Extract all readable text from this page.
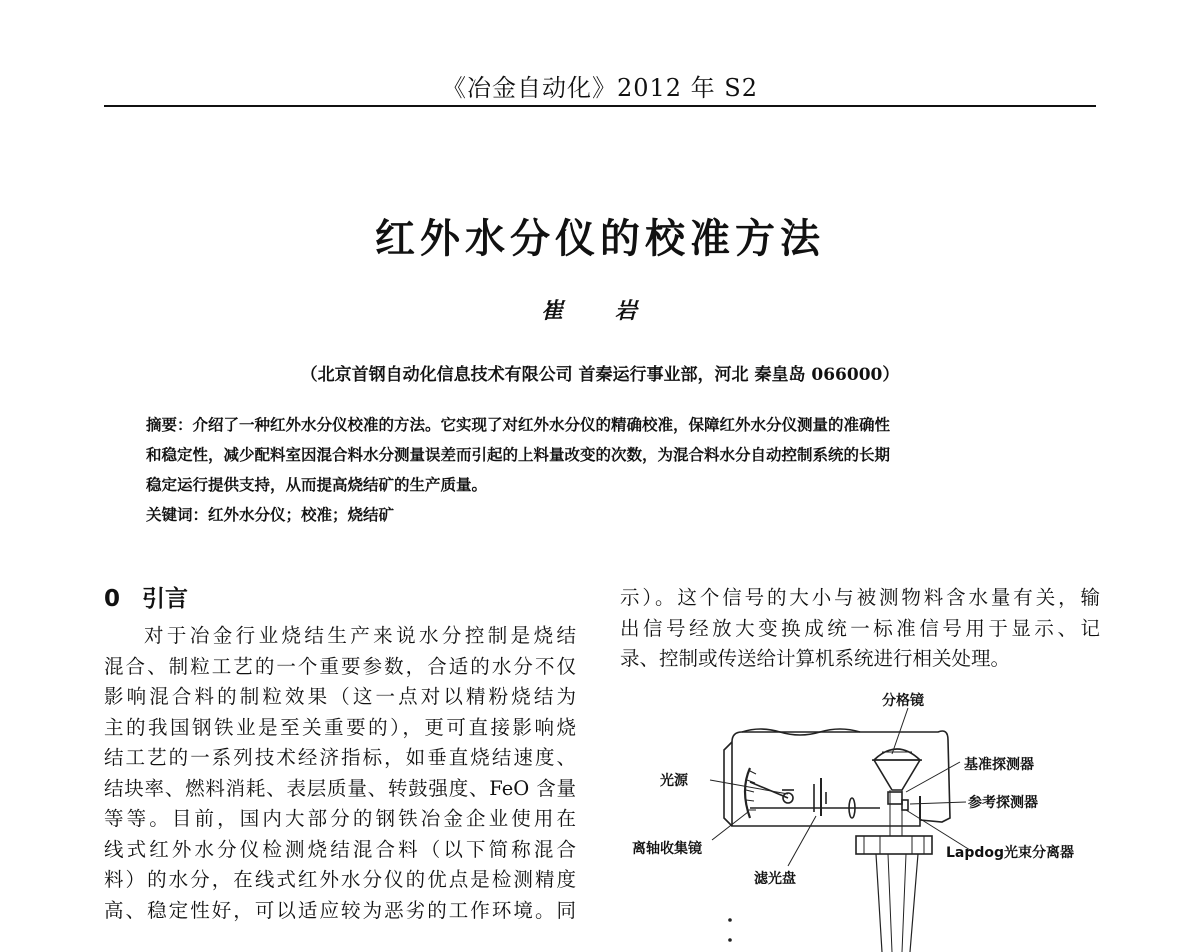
《冶金自动化》2012 年 S2
红外水分仪的校准方法
崔 岩
（北京首钢自动化信息技术有限公司 首秦运行事业部，河北 秦皇岛 066000）

摘要：介绍了一种红外水分仪校准的方法。它实现了对红外水分仪的精确校准，保障红外水分仪测量的准确性

和稳定性，减少配料室因混合料水分测量误差而引起的上料量改变的次数，为混合料水分自动控制系统的长期

稳定运行提供支持，从而提高烧结矿的生产质量。

关键词：红外水分仪；校准；烧结矿

0 引言
对于冶金行业烧结生产来说水分控制是烧结
混合、制粒工艺的一个重要参数，合适的水分不仅
影响混合料的制粒效果（这一点对以精粉烧结为
主的我国钢铁业是至关重要的），更可直接影响烧
结工艺的一系列技术经济指标，如垂直烧结速度、
结块率、燃料消耗、表层质量、转鼓强度、FeO 含量
等等。目前，国内大部分的钢铁冶金企业使用在
线式红外水分仪检测烧结混合料（以下简称混合
料）的水分，在线式红外水分仪的优点是检测精度
高、稳定性好，可以适应较为恶劣的工作环境。同
示）。这个信号的大小与被测物料含水量有关，输
出信号经放大变换成统一标准信号用于显示、记
录、控制或传送给计算机系统进行相关处理。
分格镜
基准探测器
光源
参考探测器
离轴收集镜	Lapdog光束分离器
滤光盘
